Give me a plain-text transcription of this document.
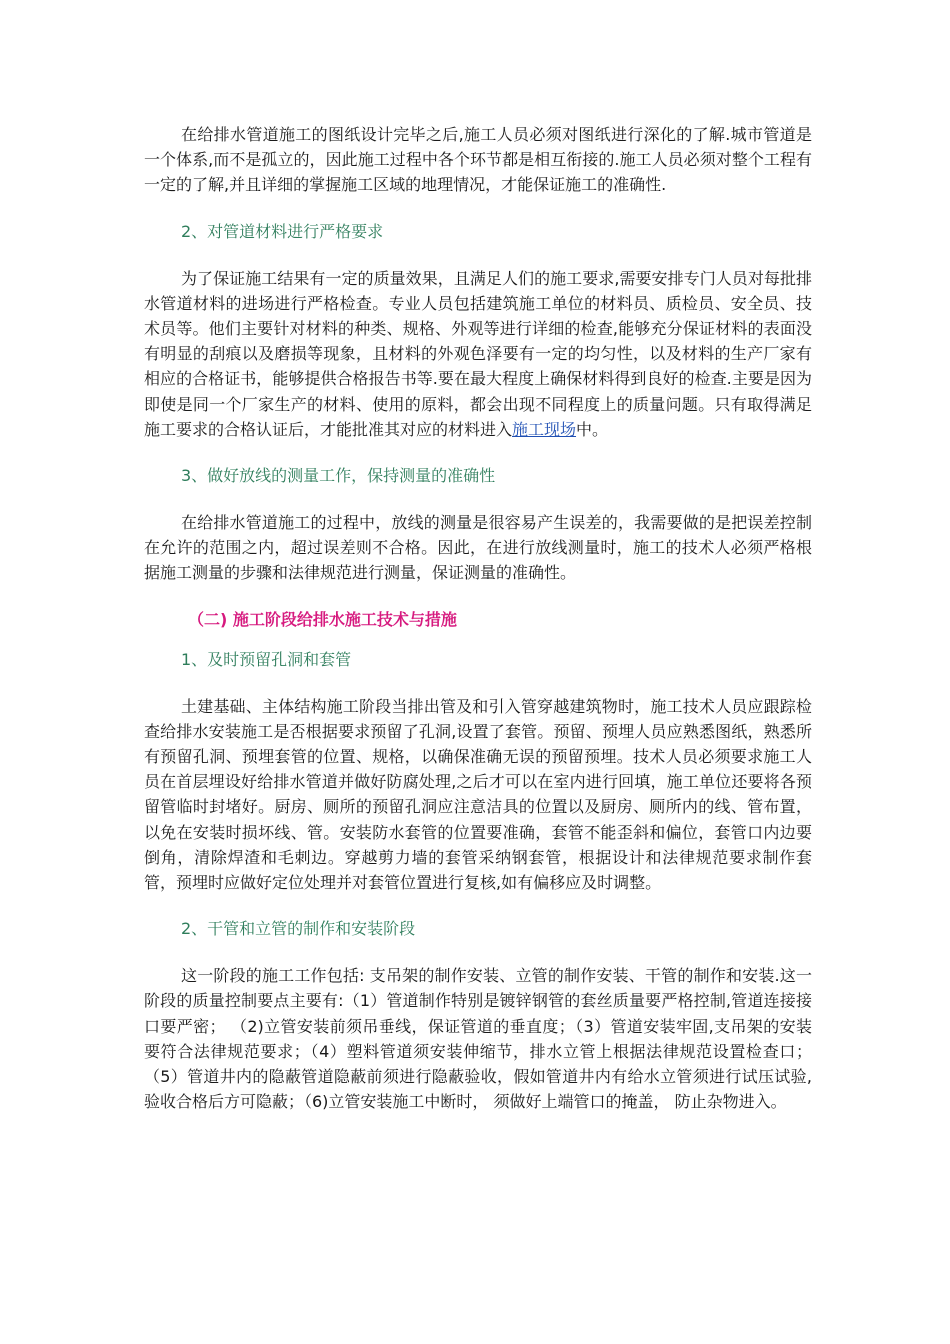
在给排水管道施工的图纸设计完毕之后,施工人员必须对图纸进行深化的了解.城市管道是一个体系,而不是孤立的，因此施工过程中各个环节都是相互衔接的.施工人员必须对整个工程有一定的了解,并且详细的掌握施工区域的地理情况，才能保证施工的准确性.

2、对管道材料进行严格要求

为了保证施工结果有一定的质量效果，且满足人们的施工要求,需要安排专门人员对每批排水管道材料的进场进行严格检查。专业人员包括建筑施工单位的材料员、质检员、安全员、技术员等。他们主要针对材料的种类、规格、外观等进行详细的检查,能够充分保证材料的表面没有明显的刮痕以及磨损等现象，且材料的外观色泽要有一定的均匀性，以及材料的生产厂家有相应的合格证书，能够提供合格报告书等.要在最大程度上确保材料得到良好的检查.主要是因为即使是同一个厂家生产的材料、使用的原料，都会出现不同程度上的质量问题。只有取得满足施工要求的合格认证后，才能批准其对应的材料进入施工现场中。

3、做好放线的测量工作，保持测量的准确性

在给排水管道施工的过程中，放线的测量是很容易产生误差的，我需要做的是把误差控制在允许的范围之内，超过误差则不合格。因此，在进行放线测量时，施工的技术人必须严格根据施工测量的步骤和法律规范进行测量，保证测量的准确性。

（二) 施工阶段给排水施工技术与措施

1、及时预留孔洞和套管

土建基础、主体结构施工阶段当排出管及和引入管穿越建筑物时，施工技术人员应跟踪检查给排水安装施工是否根据要求预留了孔洞,设置了套管。预留、预埋人员应熟悉图纸，熟悉所有预留孔洞、预埋套管的位置、规格，以确保准确无误的预留预埋。技术人员必须要求施工人员在首层埋设好给排水管道并做好防腐处理,之后才可以在室内进行回填，施工单位还要将各预留管临时封堵好。厨房、厕所的预留孔洞应注意洁具的位置以及厨房、厕所内的线、管布置，以免在安装时损坏线、管。安装防水套管的位置要准确，套管不能歪斜和偏位，套管口内边要倒角，清除焊渣和毛刺边。穿越剪力墙的套管采纳钢套管，根据设计和法律规范要求制作套管，预埋时应做好定位处理并对套管位置进行复核,如有偏移应及时调整。

2、干管和立管的制作和安装阶段

这一阶段的施工工作包括: 支吊架的制作安装、立管的制作安装、干管的制作和安装.这一阶段的质量控制要点主要有:（1）管道制作特别是镀锌钢管的套丝质量要严格控制,管道连接接口要严密； （2)立管安装前须吊垂线，保证管道的垂直度；（3）管道安装牢固,支吊架的安装要符合法律规范要求；（4）塑料管道须安装伸缩节，排水立管上根据法律规范设置检查口；（5）管道井内的隐蔽管道隐蔽前须进行隐蔽验收，假如管道井内有给水立管须进行试压试验,验收合格后方可隐蔽；（6)立管安装施工中断时， 须做好上端管口的掩盖， 防止杂物进入。
